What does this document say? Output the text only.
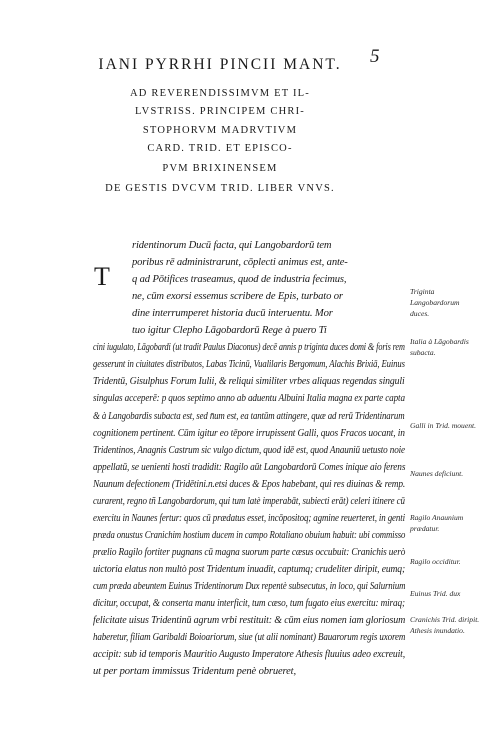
5
IANI PYRRHI PINCII MANT.
AD REVERENDISSIMVM ET IL-
LVSTRISS. PRINCIPEM CHRI-
STOPHORVM MADRVTIVM
CARD. TRID. ET EPISCO-
PVM BRIXINENSEM
DE GESTIS DVCVM TRID. LIBER VNVS.
T
ridentinorum Ducū facta, qui Langobardorū tem
poribus rē administrarunt, cōplecti animus est, ante-
q ad Pōtifices traseamus, quod de industria fecimus,
ne, cūm exorsi essemus scribere de Epis, turbato or
dine interrumperet historia ducū interuentu. Mor
tuo igitur Clepho Lāgobardorū Rege à puero Ti
cini iugulato, Lāgobardi (ut tradit Paulus Diaconus) decē annis p triginta duces domi & foris rem
gesserunt in ciuitates distributos, Labas Ticinū, Vualilaris Bergomum, Alachis Brixiā, Euinus
Tridentū, Gisulphus Forum Iulii, & reliqui similiter vrbes aliquas regendas singuli
singulas acceperē: p quos septimo anno ab aduentu Albuini Italia magna ex parte capta
& à Langobardis subacta est, sed n̄um est, ea tantūm attingere, quæ ad rerū Tridentinarum
cognitionem pertinent. Cūm igitur eo tēpore irrupissent Galli, quos Fracos uocant, in
Tridentinos, Anagnis Castrum sic vulgo dictum, quod idē est, quod Anauniū uetusto noie
appellatū, se uenienti hosti tradidit: Ragilo aūt Langobardorū Comes inique aio ferens
Naunum defectionem (Tridētini.n.etsi duces & Epos habebant, qui res diuinas & remp.
curarent, regno tñ Langobardorum, qui tum latè imperabāt, subiecti erāt) celeri itinere cū
exercitu in Naunes fertur: quos cū prædatus esset, incōpositoq; agmine reuerteret, in genti
præda onustus Cranichim hostium ducem in campo Rotaliano obuium habuit: ubi commisso
prælio Ragilo fortiter pugnans cū magna suorum parte cæsus occubuit: Cranichis uerò
uictoria elatus non multò post Tridentum inuadit, captumq; crudeliter diripit, eumq;
cum præda abeuntem Euinus Tridentinorum Dux repentè subsecutus, in loco, qui Salurnium
dicitur, occupat, & conserta manu interficit, tum cæso, tum fugato eius exercitu: miraq;
felicitate uisus Tridentinū agrum vrbi restituit: & cūm eius nomen iam gloriosum
haberetur, filiam Garibaldi Boioariorum, siue (ut alii nominant) Bauarorum regis uxorem
accipit: sub id temporis Mauritio Augusto Imperatore Athesis fluuius adeo excreuit,
ut per portam immissus Tridentum penè obrueret,
Triginta Langobardorum duces.
Italia à Lāgobardis subacta.
Galli in Trid. mouent.
Naunes deficiunt.
Ragilo Anaunium prædatur.
Ragilo occiditur.
Euinus Trid. dux
Cranichis Trid. diripit. Athesis inundatio.
